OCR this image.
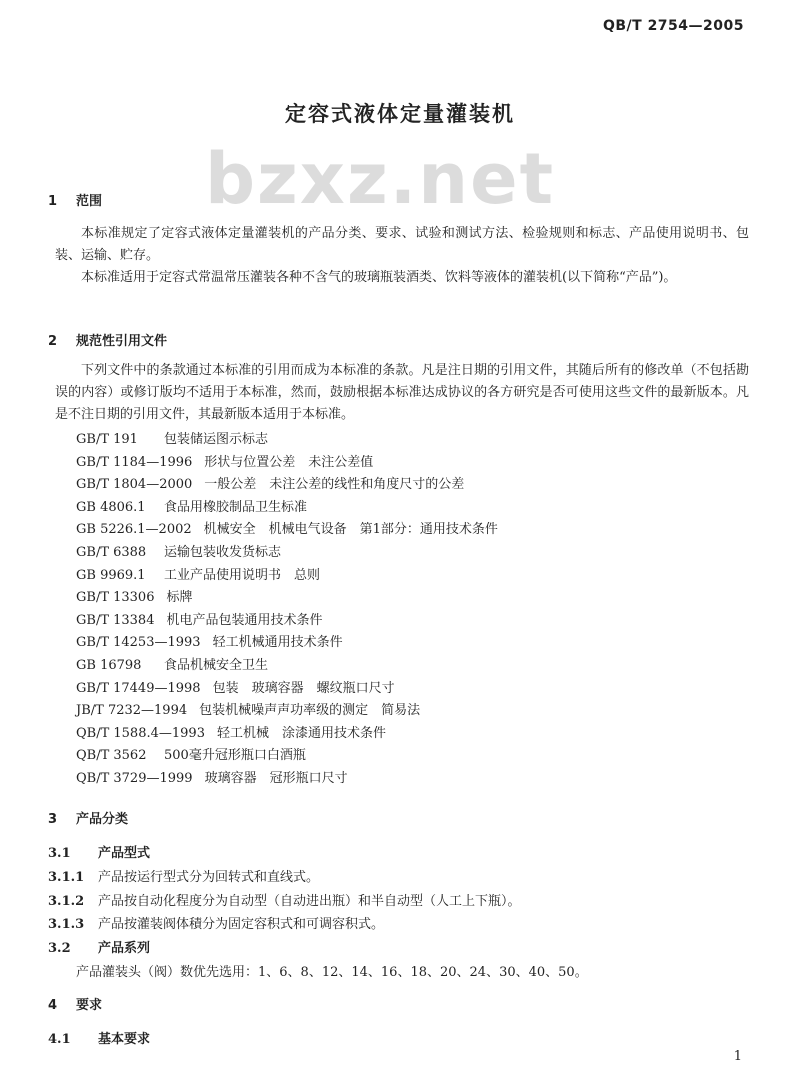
QB/T 2754—2005
定容式液体定量灌装机
bzxz.net
1 范围
本标准规定了定容式液体定量灌装机的产品分类、要求、试验和测试方法、检验规则和标志、产品使用说明书、包装、运输、贮存。
本标准适用于定容式常温常压灌装各种不含气的玻璃瓶装酒类、饮料等液体的灌装机(以下简称“产品”)。
2 规范性引用文件
下列文件中的条款通过本标准的引用而成为本标准的条款。凡是注日期的引用文件，其随后所有的修改单（不包括勘误的内容）或修订版均不适用于本标准，然而，鼓励根据本标准达成协议的各方研究是否可使用这些文件的最新版本。凡是不注日期的引用文件，其最新版本适用于本标准。
GB/T 191 包装储运图示标志
GB/T 1184—1996 形状与位置公差　未注公差值
GB/T 1804—2000 一般公差　未注公差的线性和角度尺寸的公差
GB 4806.1 食品用橡胶制品卫生标准
GB 5226.1—2002 机械安全　机械电气设备　第1部分：通用技术条件
GB/T 6388 运输包装收发货标志
GB 9969.1 工业产品使用说明书　总则
GB/T 13306 标牌
GB/T 13384 机电产品包装通用技术条件
GB/T 14253—1993 轻工机械通用技术条件
GB 16798 食品机械安全卫生
GB/T 17449—1998 包装　玻璃容器　螺纹瓶口尺寸
JB/T 7232—1994 包装机械噪声声功率级的测定　简易法
QB/T 1588.4—1993 轻工机械　涂漆通用技术条件
QB/T 3562 500毫升冠形瓶口白酒瓶
QB/T 3729—1999 玻璃容器　冠形瓶口尺寸
3 产品分类
3.1 产品型式
3.1.1 产品按运行型式分为回转式和直线式。
3.1.2 产品按自动化程度分为自动型（自动进出瓶）和半自动型（人工上下瓶）。
3.1.3 产品按灌装阀体積分为固定容积式和可调容积式。
3.2 产品系列
产品灌装头（阀）数优先选用：1、6、8、12、14、16、18、20、24、30、40、50。
4 要求
4.1 基本要求
1
